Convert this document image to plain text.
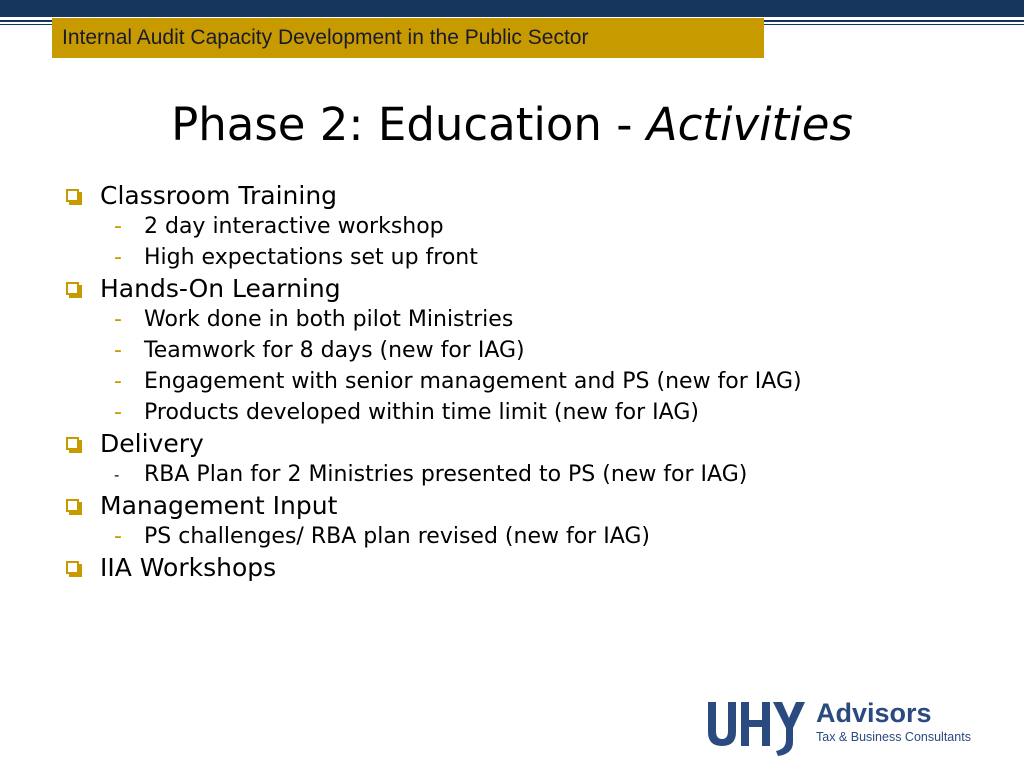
Internal Audit Capacity Development in the Public Sector
Phase 2: Education - Activities
Classroom Training
-	2 day interactive workshop
-	High expectations set up front
Hands-On Learning
-	Work done in both pilot Ministries
-	Teamwork for 8 days (new for IAG)
-	Engagement with senior management and PS (new for IAG)
-	Products developed within time limit (new for IAG)
Delivery
-	RBA Plan for 2 Ministries presented to PS (new for IAG)
Management Input
-	PS challenges/ RBA plan revised (new for IAG)
IIA Workshops
Advisors
Tax & Business Consultants
